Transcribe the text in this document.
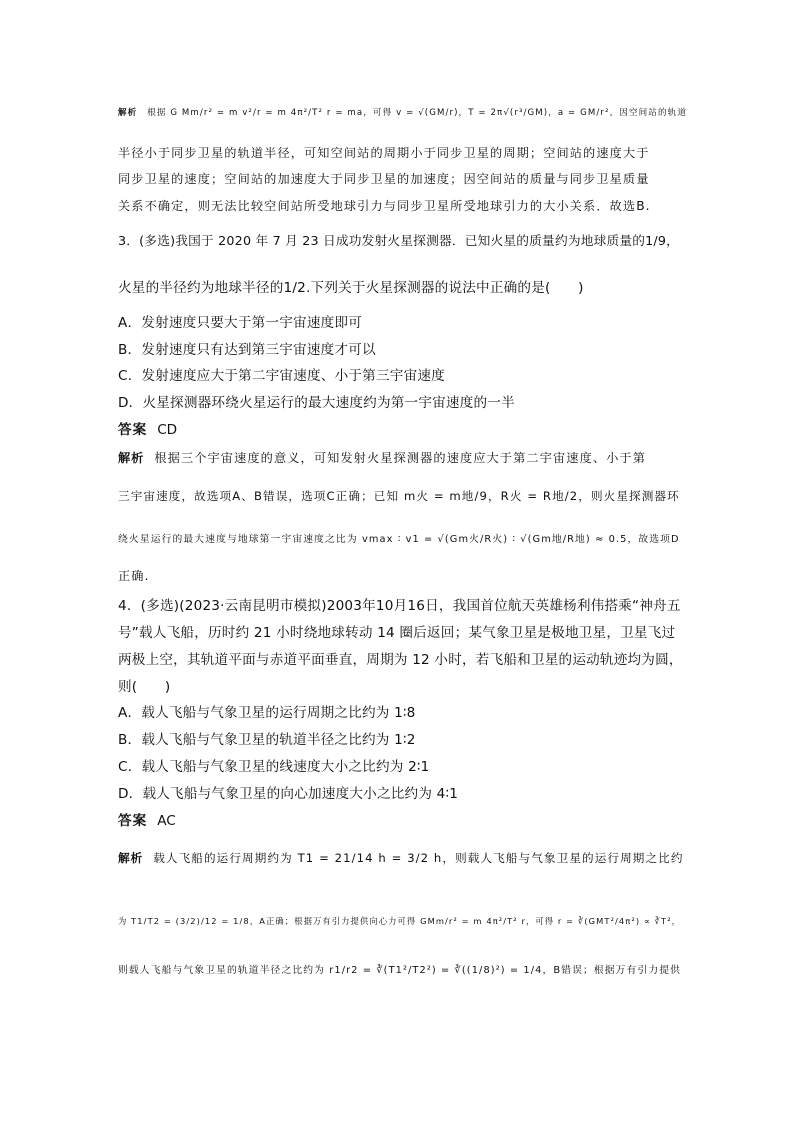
解析 根据 G Mm/r² = m v²/r = m 4π²/T² r = ma，可得 v = √(GM/r)，T = 2π√(r³/GM)，a = GM/r²，因空间站的轨道
半径小于同步卫星的轨道半径，可知空间站的周期小于同步卫星的周期；空间站的速度大于
同步卫星的速度；空间站的加速度大于同步卫星的加速度；因空间站的质量与同步卫星质量
关系不确定，则无法比较空间站所受地球引力与同步卫星所受地球引力的大小关系．故选B.
3．(多选)我国于 2020 年 7 月 23 日成功发射火星探测器．已知火星的质量约为地球质量的1/9，
火星的半径约为地球半径的1/2.下列关于火星探测器的说法中正确的是(　　)
A．发射速度只要大于第一宇宙速度即可
B．发射速度只有达到第三宇宙速度才可以
C．发射速度应大于第二宇宙速度、小于第三宇宙速度
D．火星探测器环绕火星运行的最大速度约为第一宇宙速度的一半
答案 CD
解析 根据三个宇宙速度的意义，可知发射火星探测器的速度应大于第二宇宙速度、小于第
三宇宙速度，故选项A、B错误，选项C正确；已知 m火 = m地/9，R火 = R地/2，则火星探测器环
绕火星运行的最大速度与地球第一宇宙速度之比为 vmax ∶ v1 = √(Gm火/R火) ∶ √(Gm地/R地) ≈ 0.5，故选项D
正确.
4．(多选)(2023·云南昆明市模拟)2003年10月16日，我国首位航天英雄杨利伟搭乘“神舟五
号”载人飞船，历时约 21 小时绕地球转动 14 圈后返回；某气象卫星是极地卫星，卫星飞过
两极上空，其轨道平面与赤道平面垂直，周期为 12 小时，若飞船和卫星的运动轨迹均为圆，
则(　　)
A．载人飞船与气象卫星的运行周期之比约为 1∶8
B．载人飞船与气象卫星的轨道半径之比约为 1∶2
C．载人飞船与气象卫星的线速度大小之比约为 2∶1
D．载人飞船与气象卫星的向心加速度大小之比约为 4∶1
答案 AC
解析 载人飞船的运行周期约为 T1 = 21/14 h = 3/2 h，则载人飞船与气象卫星的运行周期之比约
为 T1/T2 = (3/2)/12 = 1/8，A正确；根据万有引力提供向心力可得 GMm/r² = m 4π²/T² r，可得 r = ∛(GMT²/4π²) ∝ ∛T²，
则载人飞船与气象卫星的轨道半径之比约为 r1/r2 = ∛(T1²/T2²) = ∛((1/8)²) = 1/4，B错误；根据万有引力提供
